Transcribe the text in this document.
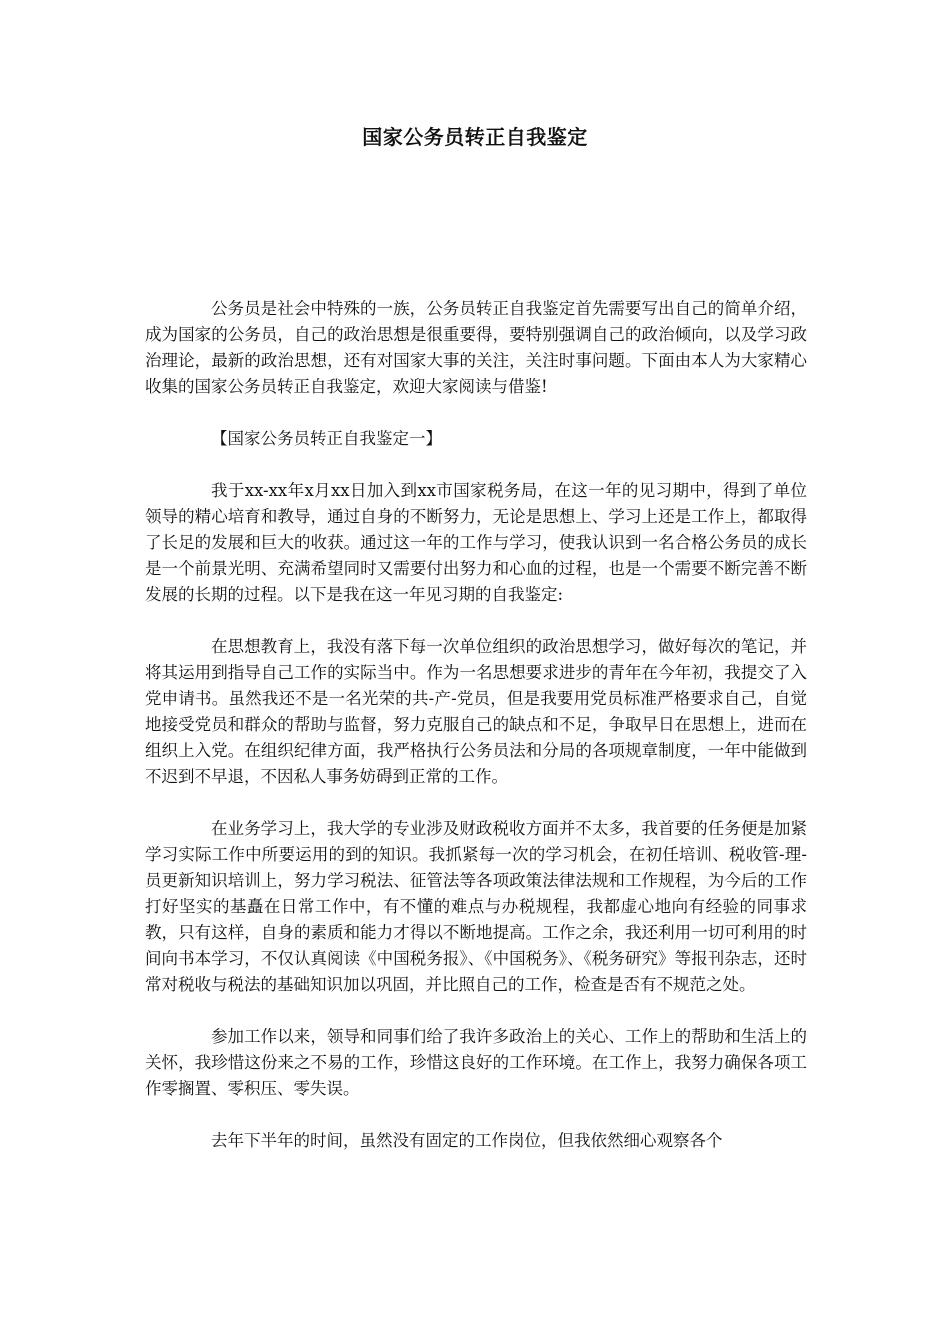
国家公务员转正自我鉴定

公务员是社会中特殊的一族，公务员转正自我鉴定首先需要写出自己的简单介绍，成为国家的公务员，自己的政治思想是很重要得，要特别强调自己的政治倾向，以及学习政治理论，最新的政治思想，还有对国家大事的关注，关注时事问题。下面由本人为大家精心收集的国家公务员转正自我鉴定，欢迎大家阅读与借鉴!

【国家公务员转正自我鉴定一】

我于xx-xx年x月xx日加入到xx市国家税务局，在这一年的见习期中，得到了单位领导的精心培育和教导，通过自身的不断努力，无论是思想上、学习上还是工作上，都取得了长足的发展和巨大的收获。通过这一年的工作与学习，使我认识到一名合格公务员的成长是一个前景光明、充满希望同时又需要付出努力和心血的过程，也是一个需要不断完善不断发展的长期的过程。以下是我在这一年见习期的自我鉴定:

在思想教育上，我没有落下每一次单位组织的政治思想学习，做好每次的笔记，并将其运用到指导自己工作的实际当中。作为一名思想要求进步的青年在今年初，我提交了入党申请书。虽然我还不是一名光荣的共-产-党员，但是我要用党员标准严格要求自己，自觉地接受党员和群众的帮助与监督，努力克服自己的缺点和不足，争取早日在思想上，进而在组织上入党。在组织纪律方面，我严格执行公务员法和分局的各项规章制度，一年中能做到不迟到不早退，不因私人事务妨碍到正常的工作。

在业务学习上，我大学的专业涉及财政税收方面并不太多，我首要的任务便是加紧学习实际工作中所要运用的到的知识。我抓紧每一次的学习机会，在初任培训、税收管-理-员更新知识培训上，努力学习税法、征管法等各项政策法律法规和工作规程，为今后的工作打好坚实的基矗在日常工作中，有不懂的难点与办税规程，我都虚心地向有经验的同事求教，只有这样，自身的素质和能力才得以不断地提高。工作之余，我还利用一切可利用的时间向书本学习，不仅认真阅读《中国税务报》、《中国税务》、《税务研究》等报刊杂志，还时常对税收与税法的基础知识加以巩固，并比照自己的工作，检查是否有不规范之处。

参加工作以来，领导和同事们给了我许多政治上的关心、工作上的帮助和生活上的关怀，我珍惜这份来之不易的工作，珍惜这良好的工作环境。在工作上，我努力确保各项工作零搁置、零积压、零失误。

去年下半年的时间，虽然没有固定的工作岗位，但我依然细心观察各个
